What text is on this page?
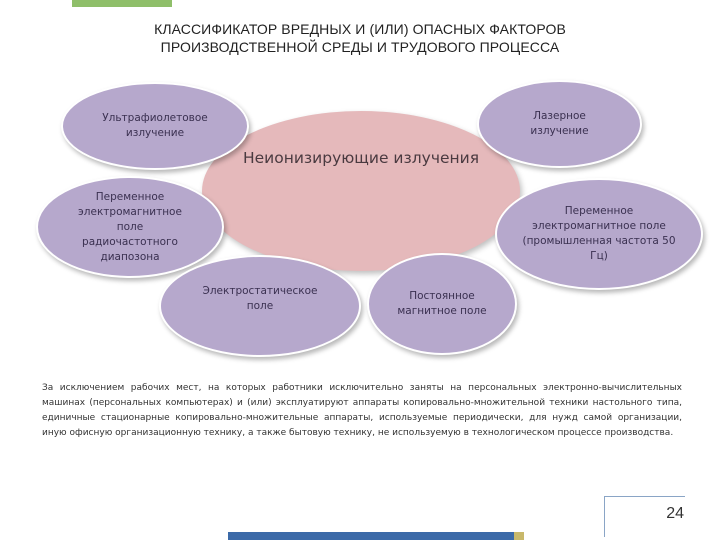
КЛАССИФИКАТОР ВРЕДНЫХ И (ИЛИ) ОПАСНЫХ ФАКТОРОВ
ПРОИЗВОДСТВЕННОЙ СРЕДЫ И ТРУДОВОГО ПРОЦЕССА
Неионизирующие излучения
Ультрафиолетовое излучение
Лазерное излучение
Переменное электромагнитное поле радиочастотного диапозона
Переменное электромагнитное поле (промышленная частота 50 Гц)
Электростатическое поле
Постоянное магнитное поле
За исключением рабочих мест, на которых работники исключительно заняты на персональных электронно-вычислительных машинах (персональных компьютерах) и (или) эксплуатируют аппараты копировально-множительной техники настольного типа, единичные стационарные копировально-множительные аппараты, используемые периодически, для нужд самой организации, иную офисную организационную технику, а также бытовую технику, не используемую в технологическом процессе производства.
24
